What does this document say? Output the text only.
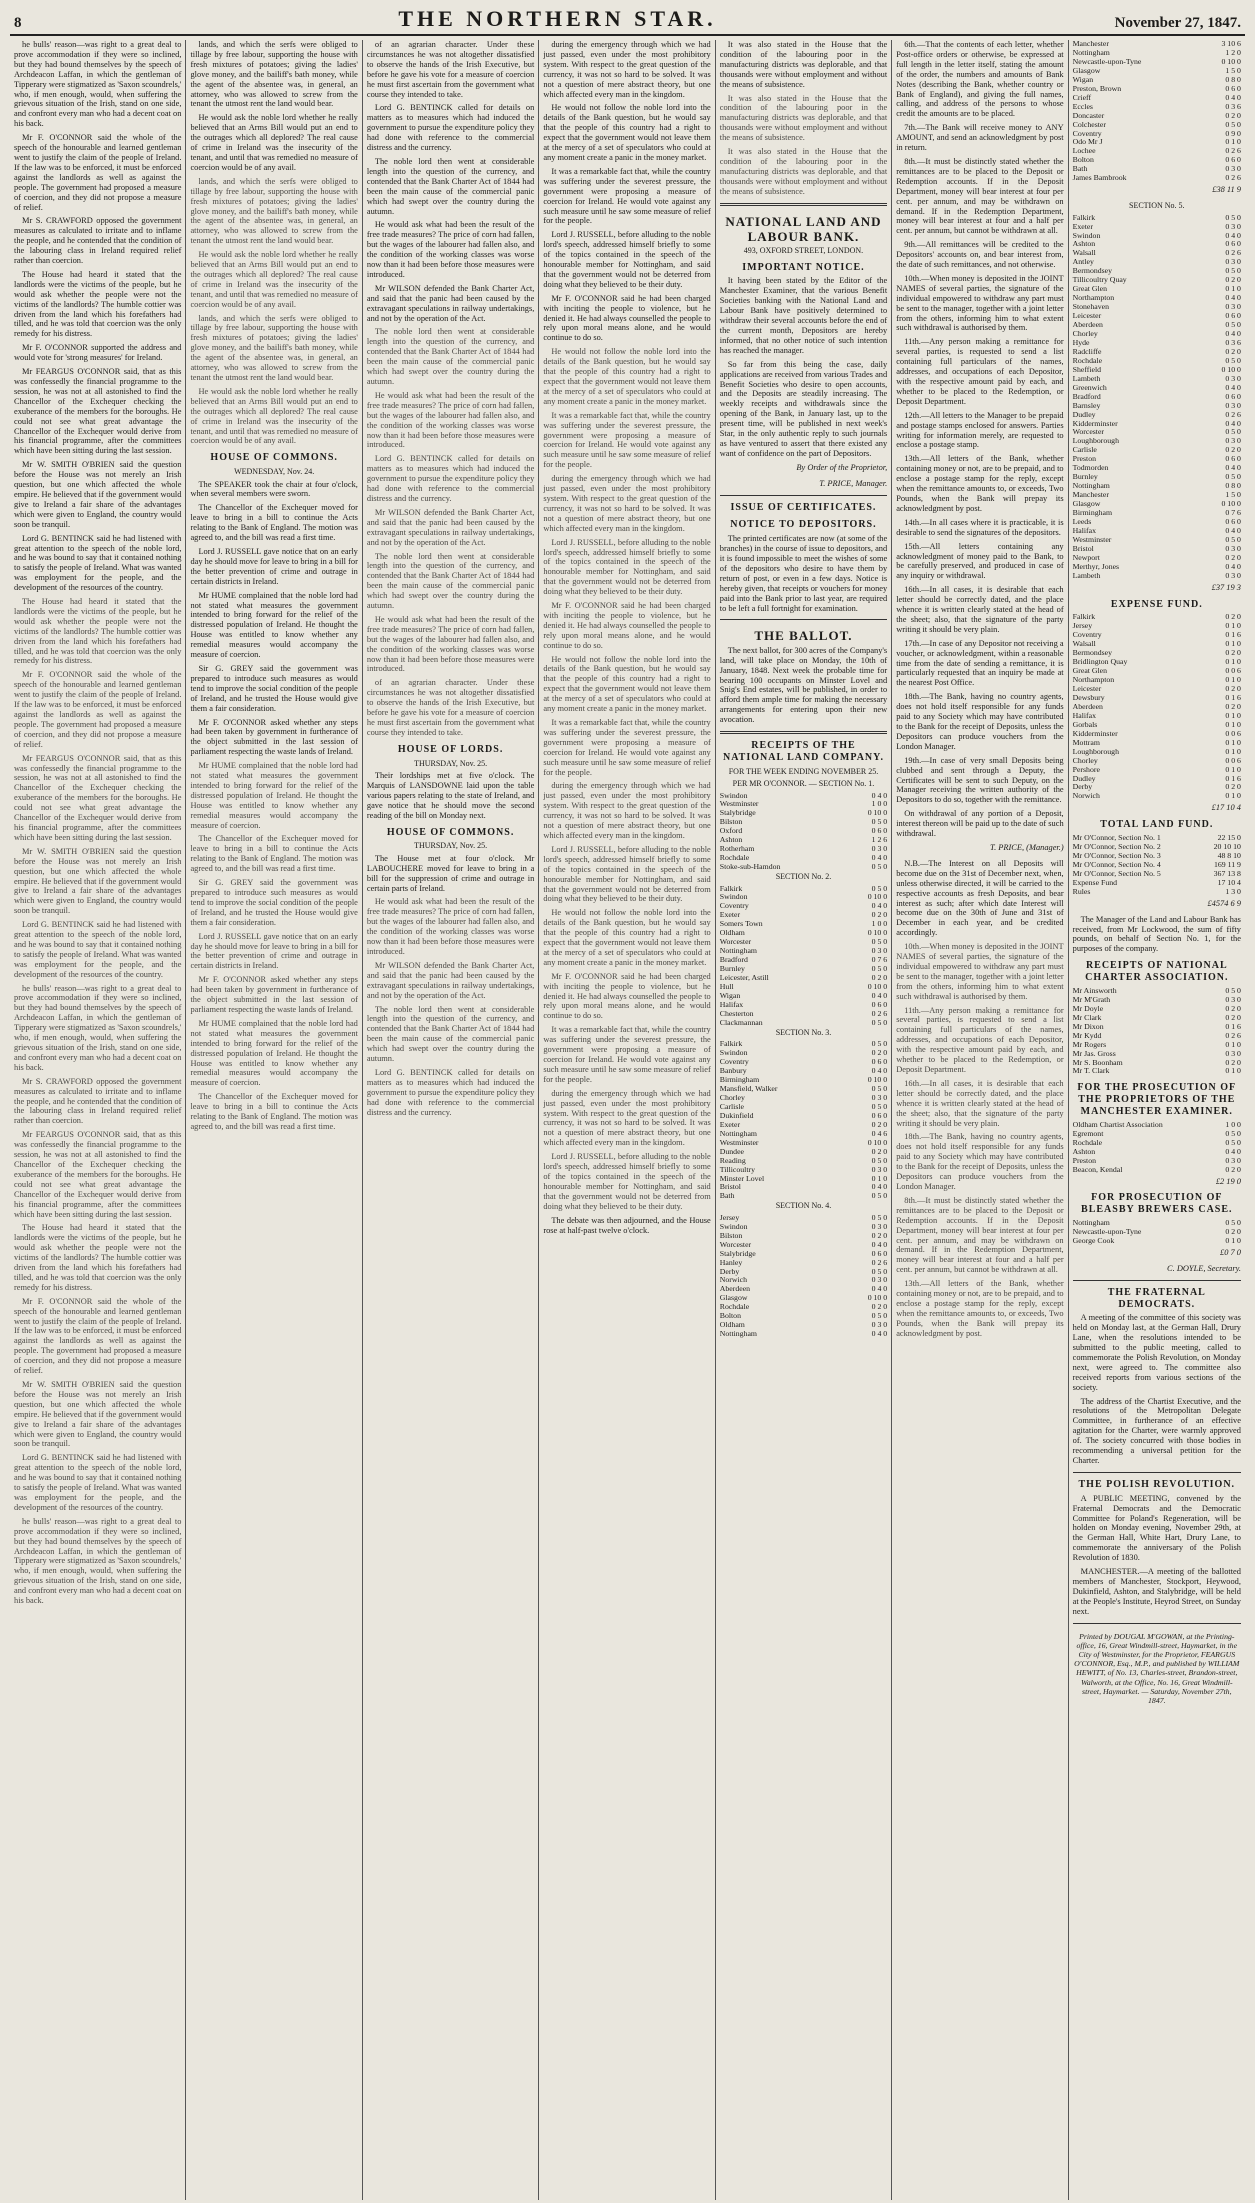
8	THE NORTHERN STAR.	November 27, 1847.

he bulls' reason—was right to a great deal to prove accommodation if they were so inclined, but they had bound themselves by the speech of Archdeacon Laffan, in which the gentleman of Tipperary were stigmatized as 'Saxon scoundrels,' who, if men enough, would, when suffering the grievous situation of the Irish, stand on one side, and confront every man who had a decent coat on his back.

Mr F. O'CONNOR said the whole of the speech of the honourable and learned gentleman went to justify the claim of the people of Ireland. If the law was to be enforced, it must be enforced against the landlords as well as against the people. The government had proposed a measure of coercion, and they did not propose a measure of relief.

Mr S. CRAWFORD opposed the government measures as calculated to irritate and to inflame the people, and he contended that the condition of the labouring class in Ireland required relief rather than coercion.

The House had heard it stated that the landlords were the victims of the people, but he would ask whether the people were not the victims of the landlords? The humble cottier was driven from the land which his forefathers had tilled, and he was told that coercion was the only remedy for his distress.

Mr F. O'CONNOR supported the address and would vote for 'strong measures' for Ireland.

Mr FEARGUS O'CONNOR said, that as this was confessedly the financial programme to the session, he was not at all astonished to find the Chancellor of the Exchequer checking the exuberance of the members for the boroughs. He could not see what great advantage the Chancellor of the Exchequer would derive from his financial programme, after the committees which have been sitting during the last session.

Mr W. SMITH O'BRIEN said the question before the House was not merely an Irish question, but one which affected the whole empire. He believed that if the government would give to Ireland a fair share of the advantages which were given to England, the country would soon be tranquil.

Lord G. BENTINCK said he had listened with great attention to the speech of the noble lord, and he was bound to say that it contained nothing to satisfy the people of Ireland. What was wanted was employment for the people, and the development of the resources of the country.

The House had heard it stated that the landlords were the victims of the people, but he would ask whether the people were not the victims of the landlords? The humble cottier was driven from the land which his forefathers had tilled, and he was told that coercion was the only remedy for his distress.

Mr F. O'CONNOR said the whole of the speech of the honourable and learned gentleman went to justify the claim of the people of Ireland. If the law was to be enforced, it must be enforced against the landlords as well as against the people. The government had proposed a measure of coercion, and they did not propose a measure of relief.

Mr FEARGUS O'CONNOR said, that as this was confessedly the financial programme to the session, he was not at all astonished to find the Chancellor of the Exchequer checking the exuberance of the members for the boroughs. He could not see what great advantage the Chancellor of the Exchequer would derive from his financial programme, after the committees which have been sitting during the last session.

Mr W. SMITH O'BRIEN said the question before the House was not merely an Irish question, but one which affected the whole empire. He believed that if the government would give to Ireland a fair share of the advantages which were given to England, the country would soon be tranquil.

Lord G. BENTINCK said he had listened with great attention to the speech of the noble lord, and he was bound to say that it contained nothing to satisfy the people of Ireland. What was wanted was employment for the people, and the development of the resources of the country.

he bulls' reason—was right to a great deal to prove accommodation if they were so inclined, but they had bound themselves by the speech of Archdeacon Laffan, in which the gentleman of Tipperary were stigmatized as 'Saxon scoundrels,' who, if men enough, would, when suffering the grievous situation of the Irish, stand on one side, and confront every man who had a decent coat on his back.

Mr S. CRAWFORD opposed the government measures as calculated to irritate and to inflame the people, and he contended that the condition of the labouring class in Ireland required relief rather than coercion.

Mr FEARGUS O'CONNOR said, that as this was confessedly the financial programme to the session, he was not at all astonished to find the Chancellor of the Exchequer checking the exuberance of the members for the boroughs. He could not see what great advantage the Chancellor of the Exchequer would derive from his financial programme, after the committees which have been sitting during the last session.

The House had heard it stated that the landlords were the victims of the people, but he would ask whether the people were not the victims of the landlords? The humble cottier was driven from the land which his forefathers had tilled, and he was told that coercion was the only remedy for his distress.

Mr F. O'CONNOR said the whole of the speech of the honourable and learned gentleman went to justify the claim of the people of Ireland. If the law was to be enforced, it must be enforced against the landlords as well as against the people. The government had proposed a measure of coercion, and they did not propose a measure of relief.

Mr W. SMITH O'BRIEN said the question before the House was not merely an Irish question, but one which affected the whole empire. He believed that if the government would give to Ireland a fair share of the advantages which were given to England, the country would soon be tranquil.

Lord G. BENTINCK said he had listened with great attention to the speech of the noble lord, and he was bound to say that it contained nothing to satisfy the people of Ireland. What was wanted was employment for the people, and the development of the resources of the country.

he bulls' reason—was right to a great deal to prove accommodation if they were so inclined, but they had bound themselves by the speech of Archdeacon Laffan, in which the gentleman of Tipperary were stigmatized as 'Saxon scoundrels,' who, if men enough, would, when suffering the grievous situation of the Irish, stand on one side, and confront every man who had a decent coat on his back.

lands, and which the serfs were obliged to tillage by free labour, supporting the house with fresh mixtures of potatoes; giving the ladies' glove money, and the bailiff's bath money, while the agent of the absentee was, in general, an attorney, who was allowed to screw from the tenant the utmost rent the land would bear.

He would ask the noble lord whether he really believed that an Arms Bill would put an end to the outrages which all deplored? The real cause of crime in Ireland was the insecurity of the tenant, and until that was remedied no measure of coercion would be of any avail.

lands, and which the serfs were obliged to tillage by free labour, supporting the house with fresh mixtures of potatoes; giving the ladies' glove money, and the bailiff's bath money, while the agent of the absentee was, in general, an attorney, who was allowed to screw from the tenant the utmost rent the land would bear.

He would ask the noble lord whether he really believed that an Arms Bill would put an end to the outrages which all deplored? The real cause of crime in Ireland was the insecurity of the tenant, and until that was remedied no measure of coercion would be of any avail.

lands, and which the serfs were obliged to tillage by free labour, supporting the house with fresh mixtures of potatoes; giving the ladies' glove money, and the bailiff's bath money, while the agent of the absentee was, in general, an attorney, who was allowed to screw from the tenant the utmost rent the land would bear.

He would ask the noble lord whether he really believed that an Arms Bill would put an end to the outrages which all deplored? The real cause of crime in Ireland was the insecurity of the tenant, and until that was remedied no measure of coercion would be of any avail.

HOUSE OF COMMONS.
WEDNESDAY, Nov. 24.

The SPEAKER took the chair at four o'clock, when several members were sworn.

The Chancellor of the Exchequer moved for leave to bring in a bill to continue the Acts relating to the Bank of England. The motion was agreed to, and the bill was read a first time.

Lord J. RUSSELL gave notice that on an early day he should move for leave to bring in a bill for the better prevention of crime and outrage in certain districts in Ireland.

Mr HUME complained that the noble lord had not stated what measures the government intended to bring forward for the relief of the distressed population of Ireland. He thought the House was entitled to know whether any remedial measures would accompany the measure of coercion.

Sir G. GREY said the government was prepared to introduce such measures as would tend to improve the social condition of the people of Ireland, and he trusted the House would give them a fair consideration.

Mr F. O'CONNOR asked whether any steps had been taken by government in furtherance of the object submitted in the last session of parliament respecting the waste lands of Ireland.

Mr HUME complained that the noble lord had not stated what measures the government intended to bring forward for the relief of the distressed population of Ireland. He thought the House was entitled to know whether any remedial measures would accompany the measure of coercion.

The Chancellor of the Exchequer moved for leave to bring in a bill to continue the Acts relating to the Bank of England. The motion was agreed to, and the bill was read a first time.

Sir G. GREY said the government was prepared to introduce such measures as would tend to improve the social condition of the people of Ireland, and he trusted the House would give them a fair consideration.

Lord J. RUSSELL gave notice that on an early day he should move for leave to bring in a bill for the better prevention of crime and outrage in certain districts in Ireland.

Mr F. O'CONNOR asked whether any steps had been taken by government in furtherance of the object submitted in the last session of parliament respecting the waste lands of Ireland.

Mr HUME complained that the noble lord had not stated what measures the government intended to bring forward for the relief of the distressed population of Ireland. He thought the House was entitled to know whether any remedial measures would accompany the measure of coercion.

The Chancellor of the Exchequer moved for leave to bring in a bill to continue the Acts relating to the Bank of England. The motion was agreed to, and the bill was read a first time.

of an agrarian character. Under these circumstances he was not altogether dissatisfied to observe the hands of the Irish Executive, but before he gave his vote for a measure of coercion he must first ascertain from the government what course they intended to take.

Lord G. BENTINCK called for details on matters as to measures which had induced the government to pursue the expenditure policy they had done with reference to the commercial distress and the currency.

The noble lord then went at considerable length into the question of the currency, and contended that the Bank Charter Act of 1844 had been the main cause of the commercial panic which had swept over the country during the autumn.

He would ask what had been the result of the free trade measures? The price of corn had fallen, but the wages of the labourer had fallen also, and the condition of the working classes was worse now than it had been before those measures were introduced.

Mr WILSON defended the Bank Charter Act, and said that the panic had been caused by the extravagant speculations in railway undertakings, and not by the operation of the Act.

The noble lord then went at considerable length into the question of the currency, and contended that the Bank Charter Act of 1844 had been the main cause of the commercial panic which had swept over the country during the autumn.

He would ask what had been the result of the free trade measures? The price of corn had fallen, but the wages of the labourer had fallen also, and the condition of the working classes was worse now than it had been before those measures were introduced.

Lord G. BENTINCK called for details on matters as to measures which had induced the government to pursue the expenditure policy they had done with reference to the commercial distress and the currency.

Mr WILSON defended the Bank Charter Act, and said that the panic had been caused by the extravagant speculations in railway undertakings, and not by the operation of the Act.

The noble lord then went at considerable length into the question of the currency, and contended that the Bank Charter Act of 1844 had been the main cause of the commercial panic which had swept over the country during the autumn.

He would ask what had been the result of the free trade measures? The price of corn had fallen, but the wages of the labourer had fallen also, and the condition of the working classes was worse now than it had been before those measures were introduced.

of an agrarian character. Under these circumstances he was not altogether dissatisfied to observe the hands of the Irish Executive, but before he gave his vote for a measure of coercion he must first ascertain from the government what course they intended to take.

HOUSE OF LORDS.
THURSDAY, Nov. 25.

Their lordships met at five o'clock. The Marquis of LANSDOWNE laid upon the table various papers relating to the state of Ireland, and gave notice that he should move the second reading of the bill on Monday next.

HOUSE OF COMMONS.
THURSDAY, Nov. 25.

The House met at four o'clock. Mr LABOUCHERE moved for leave to bring in a bill for the suppression of crime and outrage in certain parts of Ireland.

He would ask what had been the result of the free trade measures? The price of corn had fallen, but the wages of the labourer had fallen also, and the condition of the working classes was worse now than it had been before those measures were introduced.

Mr WILSON defended the Bank Charter Act, and said that the panic had been caused by the extravagant speculations in railway undertakings, and not by the operation of the Act.

The noble lord then went at considerable length into the question of the currency, and contended that the Bank Charter Act of 1844 had been the main cause of the commercial panic which had swept over the country during the autumn.

Lord G. BENTINCK called for details on matters as to measures which had induced the government to pursue the expenditure policy they had done with reference to the commercial distress and the currency.

during the emergency through which we had just passed, even under the most prohibitory system. With respect to the great question of the currency, it was not so hard to be solved. It was not a question of mere abstract theory, but one which affected every man in the kingdom.

He would not follow the noble lord into the details of the Bank question, but he would say that the people of this country had a right to expect that the government would not leave them at the mercy of a set of speculators who could at any moment create a panic in the money market.

It was a remarkable fact that, while the country was suffering under the severest pressure, the government were proposing a measure of coercion for Ireland. He would vote against any such measure until he saw some measure of relief for the people.

Lord J. RUSSELL, before alluding to the noble lord's speech, addressed himself briefly to some of the topics contained in the speech of the honourable member for Nottingham, and said that the government would not be deterred from doing what they believed to be their duty.

Mr F. O'CONNOR said he had been charged with inciting the people to violence, but he denied it. He had always counselled the people to rely upon moral means alone, and he would continue to do so.

He would not follow the noble lord into the details of the Bank question, but he would say that the people of this country had a right to expect that the government would not leave them at the mercy of a set of speculators who could at any moment create a panic in the money market.

It was a remarkable fact that, while the country was suffering under the severest pressure, the government were proposing a measure of coercion for Ireland. He would vote against any such measure until he saw some measure of relief for the people.

during the emergency through which we had just passed, even under the most prohibitory system. With respect to the great question of the currency, it was not so hard to be solved. It was not a question of mere abstract theory, but one which affected every man in the kingdom.

Lord J. RUSSELL, before alluding to the noble lord's speech, addressed himself briefly to some of the topics contained in the speech of the honourable member for Nottingham, and said that the government would not be deterred from doing what they believed to be their duty.

Mr F. O'CONNOR said he had been charged with inciting the people to violence, but he denied it. He had always counselled the people to rely upon moral means alone, and he would continue to do so.

He would not follow the noble lord into the details of the Bank question, but he would say that the people of this country had a right to expect that the government would not leave them at the mercy of a set of speculators who could at any moment create a panic in the money market.

It was a remarkable fact that, while the country was suffering under the severest pressure, the government were proposing a measure of coercion for Ireland. He would vote against any such measure until he saw some measure of relief for the people.

during the emergency through which we had just passed, even under the most prohibitory system. With respect to the great question of the currency, it was not so hard to be solved. It was not a question of mere abstract theory, but one which affected every man in the kingdom.

Lord J. RUSSELL, before alluding to the noble lord's speech, addressed himself briefly to some of the topics contained in the speech of the honourable member for Nottingham, and said that the government would not be deterred from doing what they believed to be their duty.

He would not follow the noble lord into the details of the Bank question, but he would say that the people of this country had a right to expect that the government would not leave them at the mercy of a set of speculators who could at any moment create a panic in the money market.

Mr F. O'CONNOR said he had been charged with inciting the people to violence, but he denied it. He had always counselled the people to rely upon moral means alone, and he would continue to do so.

It was a remarkable fact that, while the country was suffering under the severest pressure, the government were proposing a measure of coercion for Ireland. He would vote against any such measure until he saw some measure of relief for the people.

during the emergency through which we had just passed, even under the most prohibitory system. With respect to the great question of the currency, it was not so hard to be solved. It was not a question of mere abstract theory, but one which affected every man in the kingdom.

Lord J. RUSSELL, before alluding to the noble lord's speech, addressed himself briefly to some of the topics contained in the speech of the honourable member for Nottingham, and said that the government would not be deterred from doing what they believed to be their duty.

The debate was then adjourned, and the House rose at half-past twelve o'clock.

It was also stated in the House that the condition of the labouring poor in the manufacturing districts was deplorable, and that thousands were without employment and without the means of subsistence.

It was also stated in the House that the condition of the labouring poor in the manufacturing districts was deplorable, and that thousands were without employment and without the means of subsistence.

It was also stated in the House that the condition of the labouring poor in the manufacturing districts was deplorable, and that thousands were without employment and without the means of subsistence.

NATIONAL LAND AND LABOUR BANK.
493, OXFORD STREET, LONDON.
IMPORTANT NOTICE.

It having been stated by the Editor of the Manchester Examiner, that the various Benefit Societies banking with the National Land and Labour Bank have positively determined to withdraw their several accounts before the end of the current month, Depositors are hereby informed, that no other notice of such intention has reached the manager.

So far from this being the case, daily applications are received from various Trades and Benefit Societies who desire to open accounts, and the Deposits are steadily increasing. The weekly receipts and withdrawals since the opening of the Bank, in January last, up to the present time, will be published in next week's Star, in the only authentic reply to such journals as have ventured to assert that there existed any want of confidence on the part of Depositors.

By Order of the Proprietor,
T. PRICE, Manager.
ISSUE OF CERTIFICATES.
NOTICE TO DEPOSITORS.

The printed certificates are now (at some of the branches) in the course of issue to depositors, and it is found impossible to meet the wishes of some of the depositors who desire to have them by return of post, or even in a few days. Notice is hereby given, that receipts or vouchers for money paid into the Bank prior to last year, are required to be left a full fortnight for examination.

THE BALLOT.

The next ballot, for 300 acres of the Company's land, will take place on Monday, the 10th of January, 1848. Next week the probable time for bearing 100 occupants on Minster Lovel and Snig's End estates, will be published, in order to afford them ample time for making the necessary arrangements for entering upon their new avocation.

RECEIPTS OF THE NATIONAL LAND COMPANY.
FOR THE WEEK ENDING NOVEMBER 25.
PER MR O'CONNOR. — SECTION No. 1.
Swindon	0 4 0
Westminster	1 0 0
Stalybridge	0 10 0
Bilston	0 5 0
Oxford	0 6 0
Ashton	1 2 6
Rotherham	0 3 0
Rochdale	0 4 0
Stoke-sub-Hamdon	0 5 0
SECTION No. 2.
Falkirk	0 5 0
Swindon	0 10 0
Coventry	0 4 0
Exeter	0 2 0
Somers Town	1 0 0
Oldham	0 10 0
Worcester	0 5 0
Nottingham	0 3 0
Bradford	0 7 6
Burnley	0 5 0
Leicester, Astill	0 2 0
Hull	0 10 0
Wigan	0 4 0
Halifax	0 6 0
Chesterton	0 2 6
Clackmannan	0 5 0
SECTION No. 3.
Falkirk	0 5 0
Swindon	0 2 0
Coventry	0 6 0
Banbury	0 4 0
Birmingham	0 10 0
Mansfield, Walker	0 5 0
Chorley	0 3 0
Carlisle	0 5 0
Dukinfield	0 6 0
Exeter	0 2 0
Nottingham	0 4 6
Westminster	0 10 0
Dundee	0 2 0
Reading	0 5 0
Tillicoultry	0 3 0
Minster Lovel	0 1 0
Bristol	0 4 0
Bath	0 5 0
SECTION No. 4.
Jersey	0 5 0
Swindon	0 3 0
Bilston	0 2 0
Worcester	0 4 0
Stalybridge	0 6 0
Hanley	0 2 6
Derby	0 5 0
Norwich	0 3 0
Aberdeen	0 4 0
Glasgow	0 10 0
Rochdale	0 2 0
Bolton	0 5 0
Oldham	0 3 0
Nottingham	0 4 0

6th.—That the contents of each letter, whether Post-office orders or otherwise, be expressed at full length in the letter itself, stating the amount of the order, the numbers and amounts of Bank Notes (describing the Bank, whether country or Bank of England), and giving the full names, calling, and address of the persons to whose credit the amounts are to be placed.

7th.—The Bank will receive money to ANY AMOUNT, and send an acknowledgment by post in return.

8th.—It must be distinctly stated whether the remittances are to be placed to the Deposit or Redemption accounts. If in the Deposit Department, money will bear interest at four per cent. per annum, and may be withdrawn on demand. If in the Redemption Department, money will bear interest at four and a half per cent. per annum, but cannot be withdrawn at all.

9th.—All remittances will be credited to the Depositors' accounts on, and bear interest from, the date of such remittances, and not otherwise.

10th.—When money is deposited in the JOINT NAMES of several parties, the signature of the individual empowered to withdraw any part must be sent to the manager, together with a joint letter from the others, informing him to what extent such withdrawal is authorised by them.

11th.—Any person making a remittance for several parties, is requested to send a list containing full particulars of the names, addresses, and occupations of each Depositor, with the respective amount paid by each, and whether to be placed to the Redemption, or Deposit Department.

12th.—All letters to the Manager to be prepaid and postage stamps enclosed for answers. Parties writing for information merely, are requested to enclose a postage stamp.

13th.—All letters of the Bank, whether containing money or not, are to be prepaid, and to enclose a postage stamp for the reply, except when the remittance amounts to, or exceeds, Two Pounds, when the Bank will prepay its acknowledgment by post.

14th.—In all cases where it is practicable, it is desirable to send the signatures of the depositors.

15th.—All letters containing any acknowledgment of money paid to the Bank, to be carefully preserved, and produced in case of any inquiry or withdrawal.

16th.—In all cases, it is desirable that each letter should be correctly dated, and the place whence it is written clearly stated at the head of the sheet; also, that the signature of the party writing it should be very plain.

17th.—In case of any Depositor not receiving a voucher, or acknowledgment, within a reasonable time from the date of sending a remittance, it is particularly requested that an inquiry be made at the nearest Post Office.

18th.—The Bank, having no country agents, does not hold itself responsible for any funds paid to any Society which may have contributed to the Bank for the receipt of Deposits, unless the Depositors can produce vouchers from the London Manager.

19th.—In case of very small Deposits being clubbed and sent through a Deputy, the Certificates will be sent to such Deputy, on the Manager receiving the written authority of the Depositors to do so, together with the remittance.

On withdrawal of any portion of a Deposit, interest thereon will be paid up to the date of such withdrawal.

T. PRICE, (Manager.)

N.B.—The Interest on all Deposits will become due on the 31st of December next, when, unless otherwise directed, it will be carried to the respective accounts as fresh Deposits, and bear interest as such; after which date Interest will become due on the 30th of June and 31st of December in each year, and be credited accordingly.

10th.—When money is deposited in the JOINT NAMES of several parties, the signature of the individual empowered to withdraw any part must be sent to the manager, together with a joint letter from the others, informing him to what extent such withdrawal is authorised by them.

11th.—Any person making a remittance for several parties, is requested to send a list containing full particulars of the names, addresses, and occupations of each Depositor, with the respective amount paid by each, and whether to be placed to the Redemption, or Deposit Department.

16th.—In all cases, it is desirable that each letter should be correctly dated, and the place whence it is written clearly stated at the head of the sheet; also, that the signature of the party writing it should be very plain.

18th.—The Bank, having no country agents, does not hold itself responsible for any funds paid to any Society which may have contributed to the Bank for the receipt of Deposits, unless the Depositors can produce vouchers from the London Manager.

8th.—It must be distinctly stated whether the remittances are to be placed to the Deposit or Redemption accounts. If in the Deposit Department, money will bear interest at four per cent. per annum, and may be withdrawn on demand. If in the Redemption Department, money will bear interest at four and a half per cent. per annum, but cannot be withdrawn at all.

13th.—All letters of the Bank, whether containing money or not, are to be prepaid, and to enclose a postage stamp for the reply, except when the remittance amounts to, or exceeds, Two Pounds, when the Bank will prepay its acknowledgment by post.

Manchester	3 10 6
Nottingham	1 2 0
Newcastle-upon-Tyne	0 10 0
Glasgow	1 5 0
Wigan	0 8 0
Preston, Brown	0 6 0
Crieff	0 4 0
Eccles	0 3 6
Doncaster	0 2 0
Colchester	0 5 0
Coventry	0 9 0
Odo Mr J	0 1 0
Lochee	0 2 6
Bolton	0 6 0
Bath	0 3 0
James Bambrook	0 2 6
£38 11 9
SECTION No. 5.
Falkirk	0 5 0
Exeter	0 3 0
Swindon	0 4 0
Ashton	0 6 0
Walsall	0 2 6
Antley	0 3 0
Bermondsey	0 5 0
Tillicoultry Quay	0 2 0
Great Glen	0 1 0
Northampton	0 4 0
Stonehaven	0 3 0
Leicester	0 6 0
Aberdeen	0 5 0
Chorley	0 4 0
Hyde	0 3 6
Radcliffe	0 2 0
Rochdale	0 5 0
Sheffield	0 10 0
Lambeth	0 3 0
Greenwich	0 4 0
Bradford	0 6 0
Barnsley	0 3 0
Dudley	0 2 6
Kidderminster	0 4 0
Worcester	0 5 0
Loughborough	0 3 0
Carlisle	0 2 0
Preston	0 6 0
Todmorden	0 4 0
Burnley	0 5 0
Nottingham	0 8 0
Manchester	1 5 0
Glasgow	0 10 0
Birmingham	0 7 6
Leeds	0 6 0
Halifax	0 4 0
Westminster	0 5 0
Bristol	0 3 0
Newport	0 2 0
Merthyr, Jones	0 4 0
Lambeth	0 3 0
£37 19 3
EXPENSE FUND.
Falkirk	0 2 0
Jersey	0 1 0
Coventry	0 1 6
Walsall	0 1 0
Bermondsey	0 2 0
Bridlington Quay	0 1 0
Great Glen	0 0 6
Northampton	0 1 0
Leicester	0 2 0
Dewsbury	0 1 6
Aberdeen	0 2 0
Halifax	0 1 0
Gorbals	0 1 0
Kidderminster	0 0 6
Mottram	0 1 0
Loughborough	0 1 0
Chorley	0 0 6
Pershore	0 1 0
Dudley	0 1 6
Derby	0 2 0
Norwich	0 1 0
£17 10 4
TOTAL LAND FUND.
Mr O'Connor, Section No. 1	22 15 0
Mr O'Connor, Section No. 2	20 10 10
Mr O'Connor, Section No. 3	48 8 10
Mr O'Connor, Section No. 4	169 11 9
Mr O'Connor, Section No. 5	367 13 8
Expense Fund	17 10 4
Rules	1 3 0
£4574 6 9

The Manager of the Land and Labour Bank has received, from Mr Lockwood, the sum of fifty pounds, on behalf of Section No. 1, for the purposes of the company.

RECEIPTS OF NATIONAL CHARTER ASSOCIATION.
Mr Ainsworth	0 5 0
Mr M'Grath	0 3 0
Mr Doyle	0 2 0
Mr Clark	0 2 0
Mr Dixon	0 1 6
Mr Kydd	0 2 6
Mr Rogers	0 1 0
Mr Jas. Gross	0 3 0
Mr S. Boonham	0 2 0
Mr T. Clark	0 1 0
FOR THE PROSECUTION OF THE PROPRIETORS OF THE MANCHESTER EXAMINER.
Oldham Chartist Association	1 0 0
Egremont	0 5 0
Rochdale	0 5 0
Ashton	0 4 0
Preston	0 3 0
Beacon, Kendal	0 2 0
£2 19 0
FOR PROSECUTION OF BLEASBY BREWERS CASE.
Nottingham	0 5 0
Newcastle-upon-Tyne	0 2 0
George Cook	0 1 0
£0 7 0
C. DOYLE, Secretary.
THE FRATERNAL DEMOCRATS.

A meeting of the committee of this society was held on Monday last, at the German Hall, Drury Lane, when the resolutions intended to be submitted to the public meeting, called to commemorate the Polish Revolution, on Monday next, were agreed to. The committee also received reports from various sections of the society.

The address of the Chartist Executive, and the resolutions of the Metropolitan Delegate Committee, in furtherance of an effective agitation for the Charter, were warmly approved of. The society concurred with those bodies in recommending a universal petition for the Charter.

THE POLISH REVOLUTION.

A PUBLIC MEETING, convened by the Fraternal Democrats and the Democratic Committee for Poland's Regeneration, will be holden on Monday evening, November 29th, at the German Hall, White Hart, Drury Lane, to commemorate the anniversary of the Polish Revolution of 1830.

MANCHESTER.—A meeting of the ballotted members of Manchester, Stockport, Heywood, Dukinfield, Ashton, and Stalybridge, will be held at the People's Institute, Heyrod Street, on Sunday next.

Printed by DOUGAL M'GOWAN, at the Printing-office, 16, Great Windmill-street, Haymarket, in the City of Westminster, for the Proprietor, FEARGUS O'CONNOR, Esq., M.P., and published by WILLIAM HEWITT, of No. 13, Charles-street, Brandon-street, Walworth, at the Office, No. 16, Great Windmill-street, Haymarket. — Saturday, November 27th, 1847.
